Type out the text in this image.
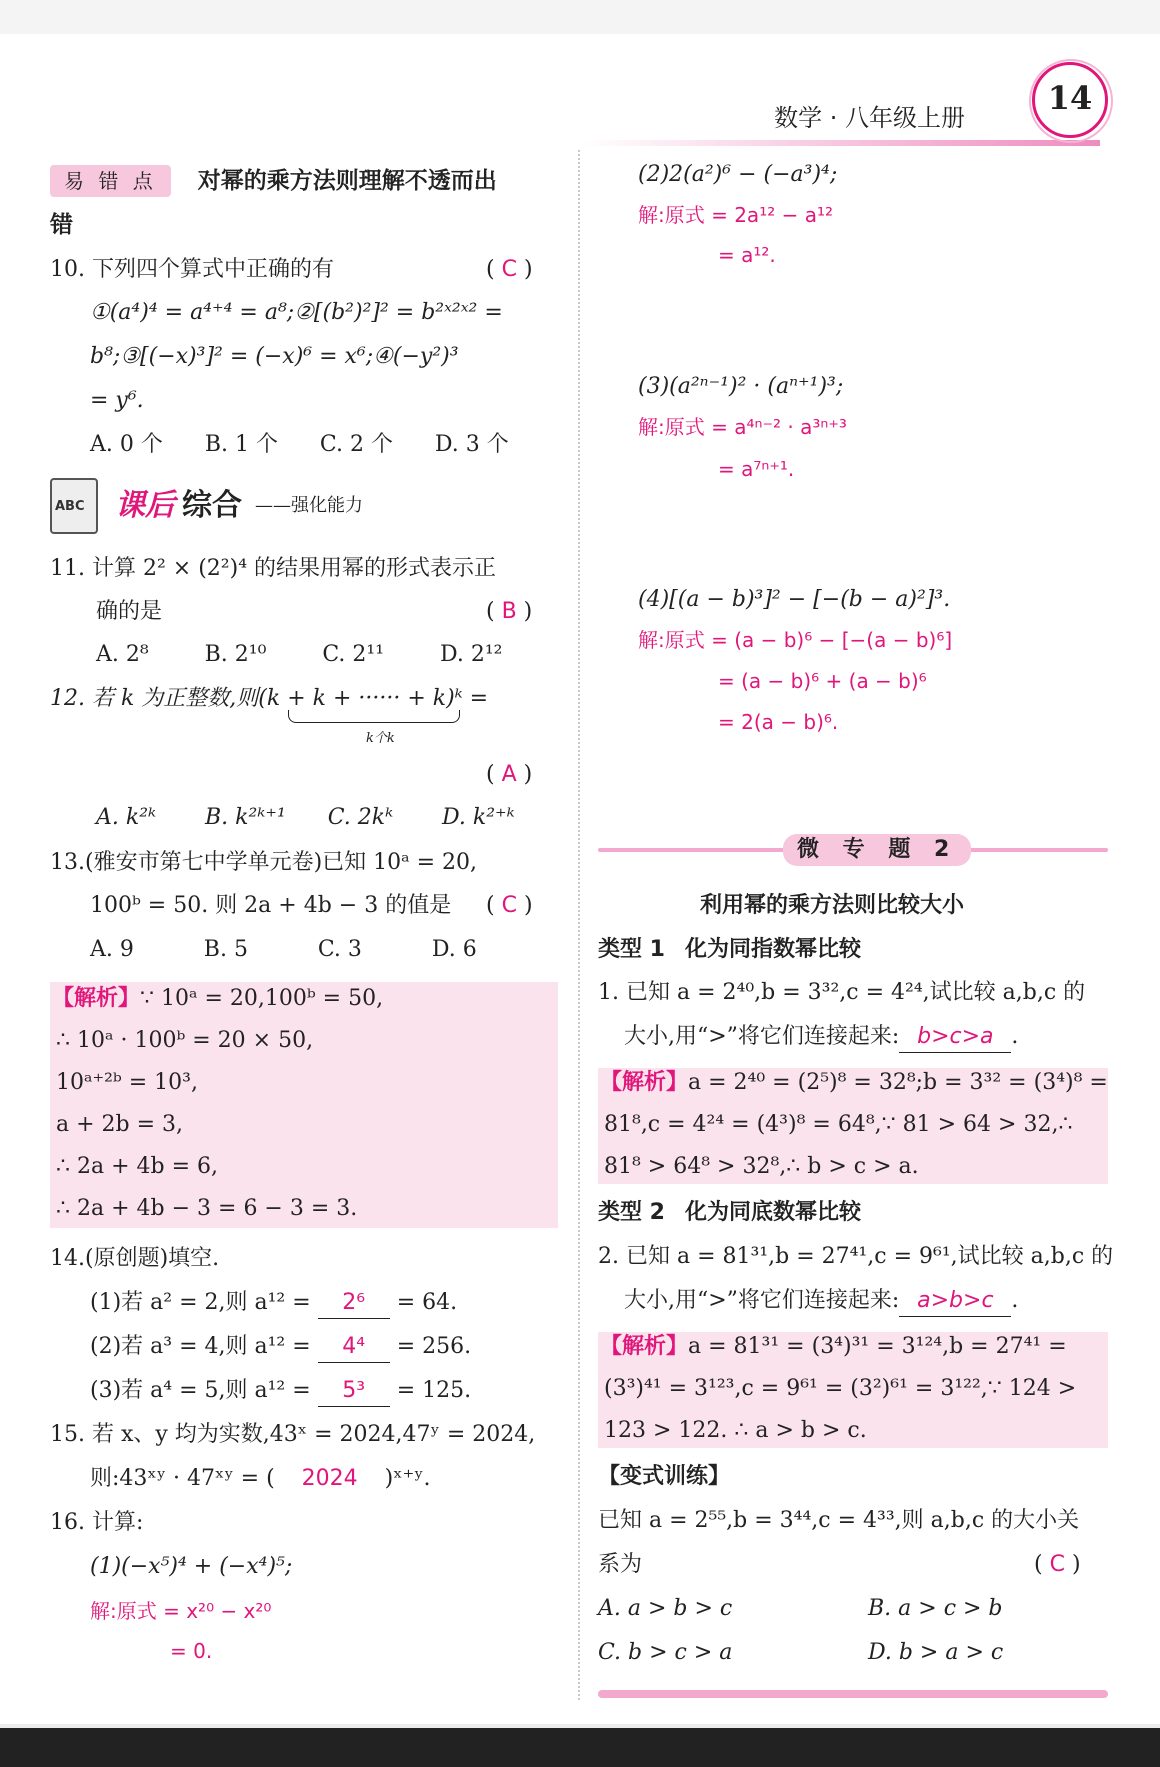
数学 · 八年级上册
14
易 错 点 对幂的乘方法则理解不透而出
错
10. 下列四个算式中正确的有	( C )
①(a⁴)⁴ = a⁴⁺⁴ = a⁸;②[(b²)²]² = b²ˣ²ˣ² =
b⁸;③[(−x)³]² = (−x)⁶ = x⁶;④(−y²)³
= y⁶.
A. 0 个      B. 1 个      C. 2 个      D. 3 个
ABC 课后 综合 ——强化能力
11. 计算 2² × (2²)⁴ 的结果用幂的形式表示正
确的是	( B )
A. 2⁸        B. 2¹⁰        C. 2¹¹        D. 2¹²
12. 若 k 为正整数,则(k + k + ······ + k)ᵏ =
k个k
( A )
A. k²ᵏ       B. k²ᵏ⁺¹      C. 2kᵏ       D. k²⁺ᵏ
13.(雅安市第七中学单元卷)已知 10ᵃ = 20,
100ᵇ = 50. 则 2a + 4b − 3 的值是 ( C )
A. 9          B. 5          C. 3          D. 6
【解析】∵ 10ᵃ = 20,100ᵇ = 50,
∴ 10ᵃ · 100ᵇ = 20 × 50,
10ᵃ⁺²ᵇ = 10³,
a + 2b = 3,
∴ 2a + 4b = 6,
∴ 2a + 4b − 3 = 6 − 3 = 3.
14.(原创题)填空.
(1)若 a² = 2,则 a¹² = 2⁶ = 64.
(2)若 a³ = 4,则 a¹² = 4⁴ = 256.
(3)若 a⁴ = 5,则 a¹² = 5³ = 125.
15. 若 x、y 均为实数,43ˣ = 2024,47ʸ = 2024,
则:43ˣʸ · 47ˣʸ = ( 2024 )ˣ⁺ʸ.
16. 计算:
(1)(−x⁵)⁴ + (−x⁴)⁵;
解:原式 = x²⁰ − x²⁰
= 0.
(2)2(a²)⁶ − (−a³)⁴;
解:原式 = 2a¹² − a¹²
= a¹².
(3)(a²ⁿ⁻¹)² · (aⁿ⁺¹)³;
解:原式 = a⁴ⁿ⁻² · a³ⁿ⁺³
= a⁷ⁿ⁺¹.
(4)[(a − b)³]² − [−(b − a)²]³.
解:原式 = (a − b)⁶ − [−(a − b)⁶]
= (a − b)⁶ + (a − b)⁶
= 2(a − b)⁶.
微 专 题 2
利用幂的乘方法则比较大小
类型 1 化为同指数幂比较
1. 已知 a = 2⁴⁰,b = 3³²,c = 4²⁴,试比较 a,b,c 的
大小,用“>”将它们连接起来: b>c>a .
【解析】a = 2⁴⁰ = (2⁵)⁸ = 32⁸;b = 3³² = (3⁴)⁸ =
81⁸,c = 4²⁴ = (4³)⁸ = 64⁸,∵ 81 > 64 > 32,∴
81⁸ > 64⁸ > 32⁸,∴ b > c > a.
类型 2 化为同底数幂比较
2. 已知 a = 81³¹,b = 27⁴¹,c = 9⁶¹,试比较 a,b,c 的
大小,用“>”将它们连接起来: a>b>c .
【解析】a = 81³¹ = (3⁴)³¹ = 3¹²⁴,b = 27⁴¹ =
(3³)⁴¹ = 3¹²³,c = 9⁶¹ = (3²)⁶¹ = 3¹²²,∵ 124 >
123 > 122. ∴ a > b > c.
【变式训练】
已知 a = 2⁵⁵,b = 3⁴⁴,c = 4³³,则 a,b,c 的大小关
系为	( C )
A. a > b > c	B. a > c > b
C. b > c > a	D. b > a > c
